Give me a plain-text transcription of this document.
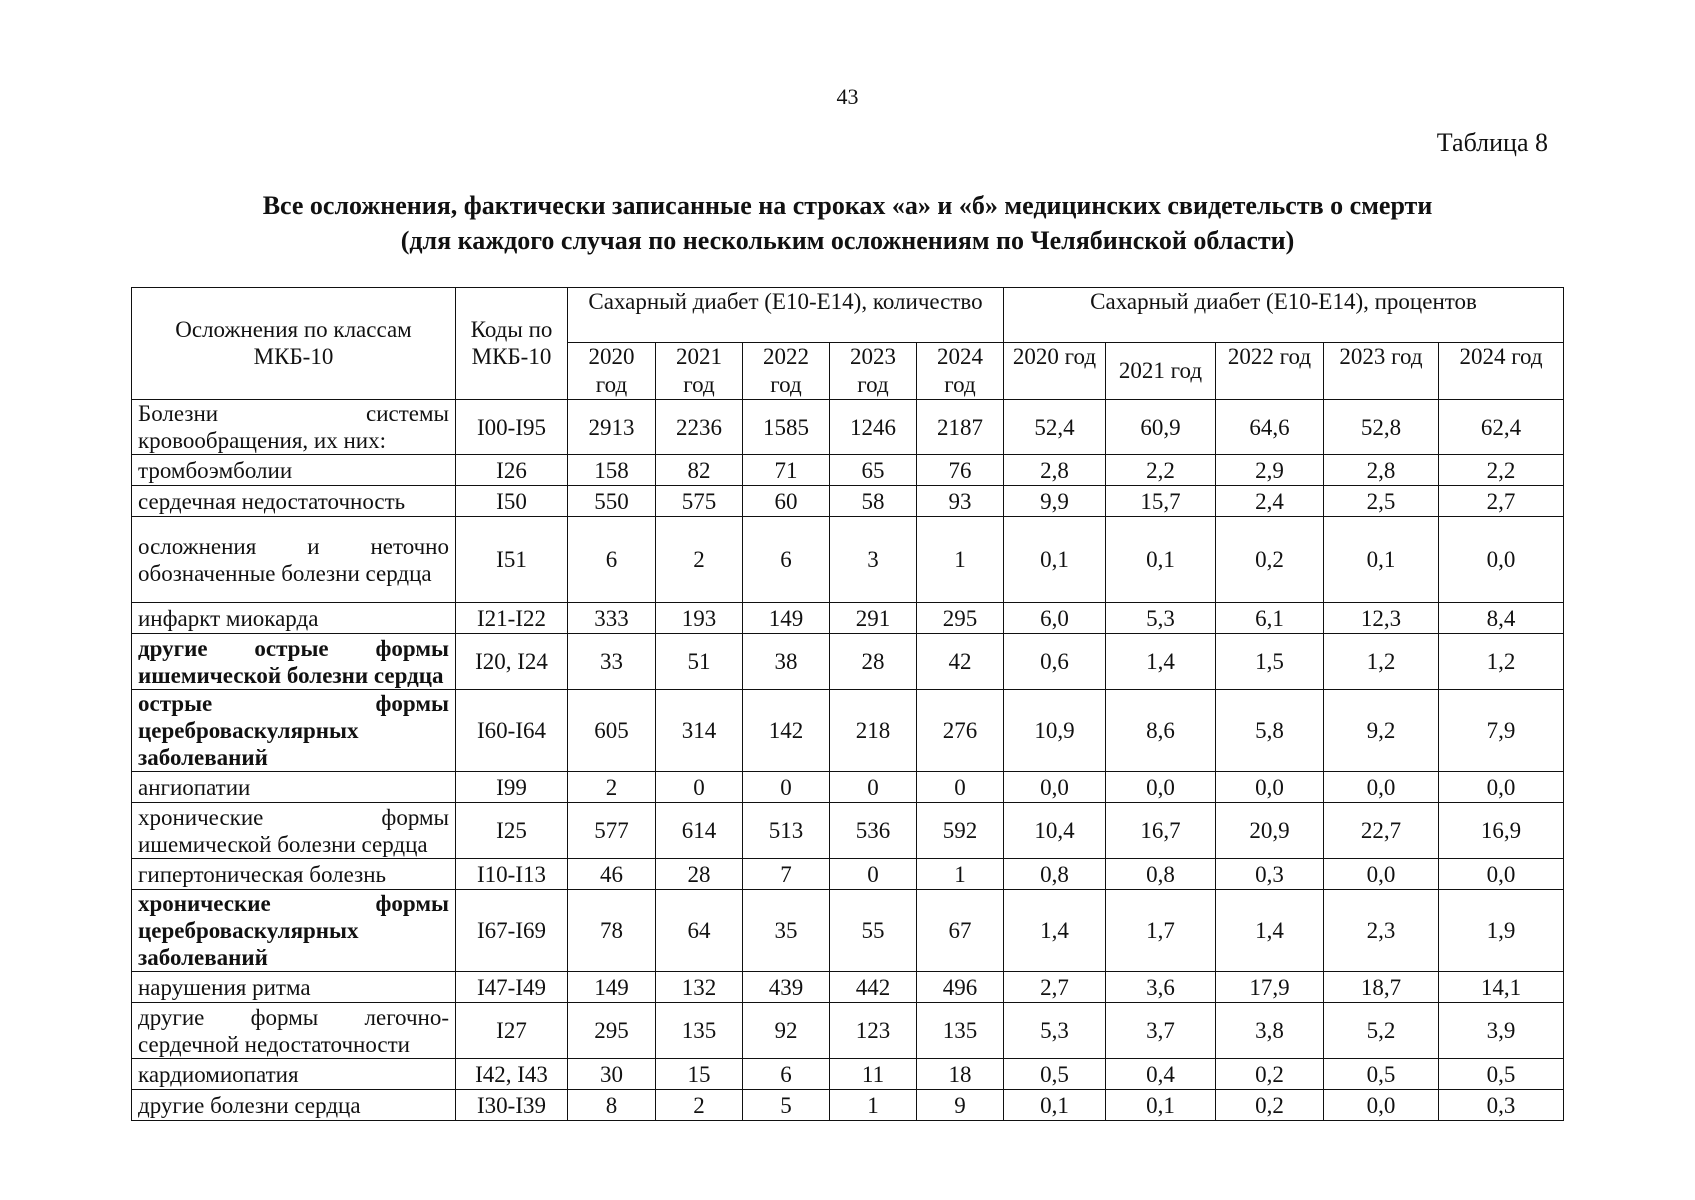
43
Таблица 8
Все осложнения, фактически записанные на строках «а» и «б» медицинских свидетельств о смерти
(для каждого случая по нескольким осложнениям по Челябинской области)
Осложнения по классам МКБ-10	Коды по МКБ-10	Сахарный диабет (Е10-Е14), количество					Сахарный диабет (Е10-Е14), процентов				
		2020 год	2021 год	2022 год	2023 год	2024 год	2020 год	2021 год	2022 год	2023 год	2024 год
Болезни системы кровообращения, их них:	I00-I95	2913	2236	1585	1246	2187	52,4	60,9	64,6	52,8	62,4
тромбоэмболии	I26	158	82	71	65	76	2,8	2,2	2,9	2,8	2,2
сердечная недостаточность	I50	550	575	60	58	93	9,9	15,7	2,4	2,5	2,7
осложнения и неточно обозначенные болезни сердца	I51	6	2	6	3	1	0,1	0,1	0,2	0,1	0,0
инфаркт миокарда	I21-I22	333	193	149	291	295	6,0	5,3	6,1	12,3	8,4
другие острые формы ишемической болезни сердца	I20, I24	33	51	38	28	42	0,6	1,4	1,5	1,2	1,2
острые формы цереброваскулярных заболеваний	I60-I64	605	314	142	218	276	10,9	8,6	5,8	9,2	7,9
ангиопатии	I99	2	0	0	0	0	0,0	0,0	0,0	0,0	0,0
хронические формы ишемической болезни сердца	I25	577	614	513	536	592	10,4	16,7	20,9	22,7	16,9
гипертоническая болезнь	I10-I13	46	28	7	0	1	0,8	0,8	0,3	0,0	0,0
хронические формы цереброваскулярных заболеваний	I67-I69	78	64	35	55	67	1,4	1,7	1,4	2,3	1,9
нарушения ритма	I47-I49	149	132	439	442	496	2,7	3,6	17,9	18,7	14,1
другие формы легочно-сердечной недостаточности	I27	295	135	92	123	135	5,3	3,7	3,8	5,2	3,9
кардиомиопатия	I42, I43	30	15	6	11	18	0,5	0,4	0,2	0,5	0,5
другие болезни сердца	I30-I39	8	2	5	1	9	0,1	0,1	0,2	0,0	0,3
